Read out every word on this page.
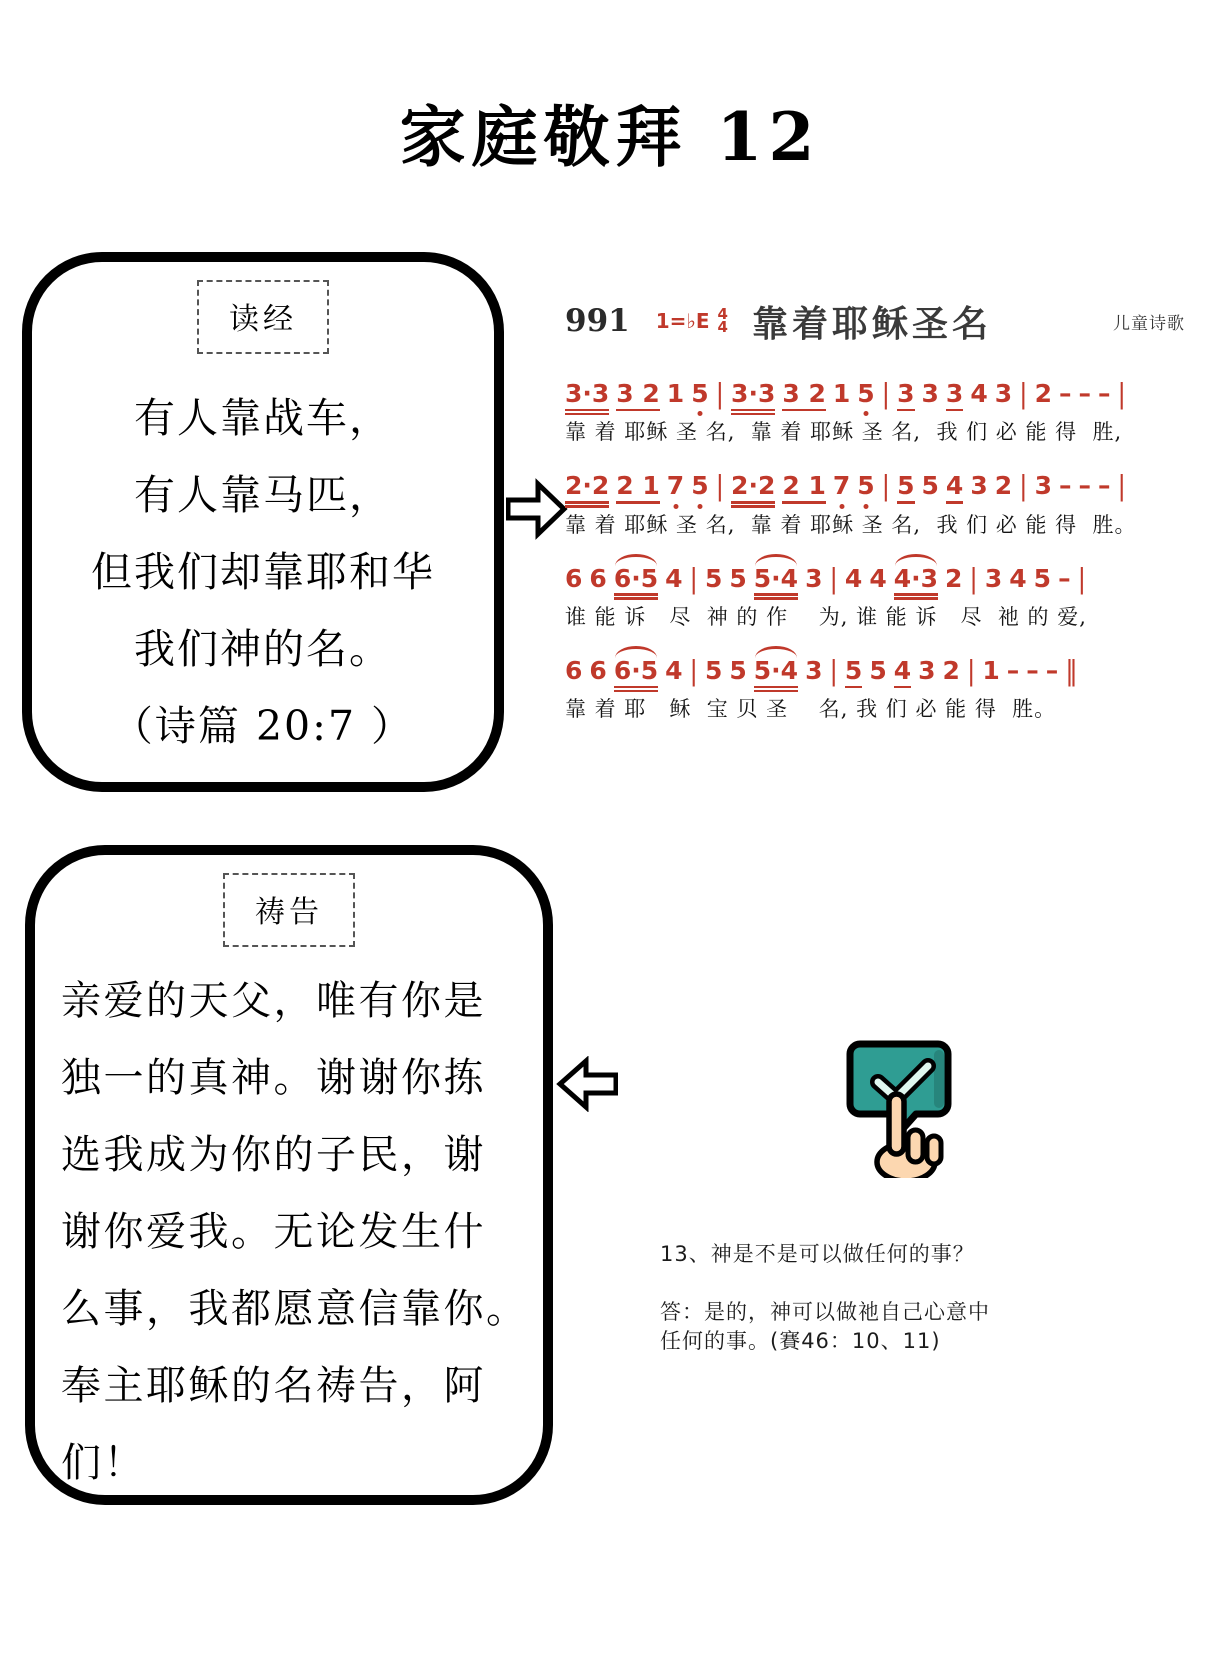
家庭敬拜 12
读经
有人靠战车，
有人靠马匹，
但我们却靠耶和华
我们神的名。
（诗篇 20:7 ）
991 1=♭E 4
4 靠着耶稣圣名	儿童诗歌
3·3 3 2 1 5 | 3·3 3 2 1 5 | 3 3 3 4 3 | 2 – – – |
靠 着 耶稣 圣 名,  靠 着 耶稣 圣 名,  我 们 必 能 得  胜,
2·2 2 1 7 5 | 2·2 2 1 7 5 | 5 5 4 3 2 | 3 – – – |
靠 着 耶稣 圣 名,  靠 着 耶稣 圣 名,  我 们 必 能 得  胜。
6 6 6·5 4 | 5 5 5·4 3 | 4 4 4·3 2 | 3 4 5 – |
谁 能 诉   尽  神 的 作    为, 谁 能 诉   尽  祂 的 爱,
6 6 6·5 4 | 5 5 5·4 3 | 5 5 4 3 2 | 1 – – – ‖
靠 着 耶   稣  宝 贝 圣    名, 我 们 必 能 得  胜。
祷告
亲爱的天父，唯有你是
独一的真神。谢谢你拣
选我成为你的子民，谢
谢你爱我。无论发生什
么事，我都愿意信靠你。
奉主耶稣的名祷告，阿
们！
13、神是不是可以做任何的事？
答：是的，神可以做祂自己心意中
任何的事。(賽46：10、11)
